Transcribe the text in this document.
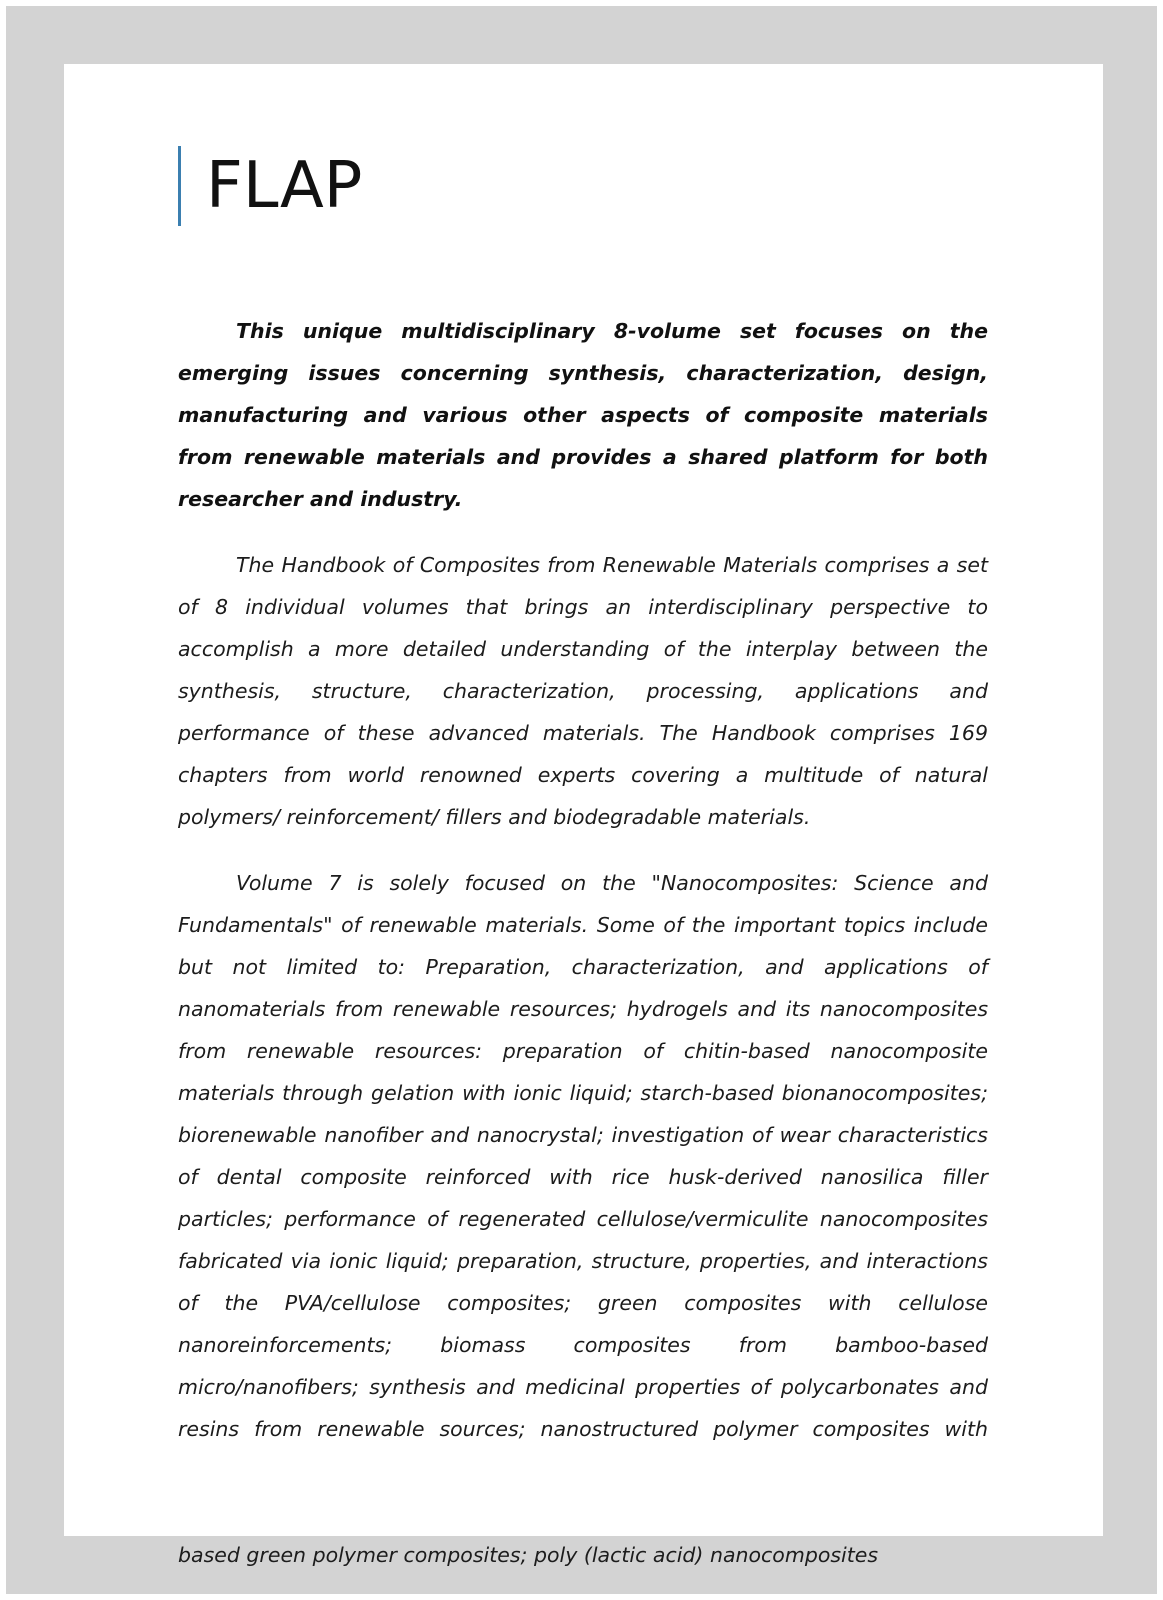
FLAP

This unique multidisciplinary 8-volume set focuses on the emerging issues concerning synthesis, characterization, design, manufacturing and various other aspects of composite materials from renewable materials and provides a shared platform for both researcher and industry.

The Handbook of Composites from Renewable Materials comprises a set of 8 individual volumes that brings an interdisciplinary perspective to accomplish a more detailed understanding of the interplay between the synthesis, structure, characterization, processing, applications and performance of these advanced materials. The Handbook comprises 169 chapters from world renowned experts covering a multitude of natural polymers/ reinforcement/ fillers and biodegradable materials.

Volume 7 is solely focused on the "Nanocomposites: Science and Fundamentals" of renewable materials. Some of the important topics include but not limited to: Preparation, characterization, and applications of nanomaterials from renewable resources; hydrogels and its nanocomposites from renewable resources: preparation of chitin-based nanocomposite materials through gelation with ionic liquid; starch-based bionanocomposites; biorenewable nanofiber and nanocrystal; investigation of wear characteristics of dental composite reinforced with rice husk-derived nanosilica filler particles; performance of regenerated cellulose/vermiculite nanocomposites fabricated via ionic liquid; preparation, structure, properties, and interactions of the PVA/cellulose composites; green composites with cellulose nanoreinforcements; biomass composites from bamboo-based micro/nanofibers; synthesis and medicinal properties of polycarbonates and resins from renewable sources; nanostructured polymer composites with based green polymer composites; poly (lactic acid) nanocomposites
